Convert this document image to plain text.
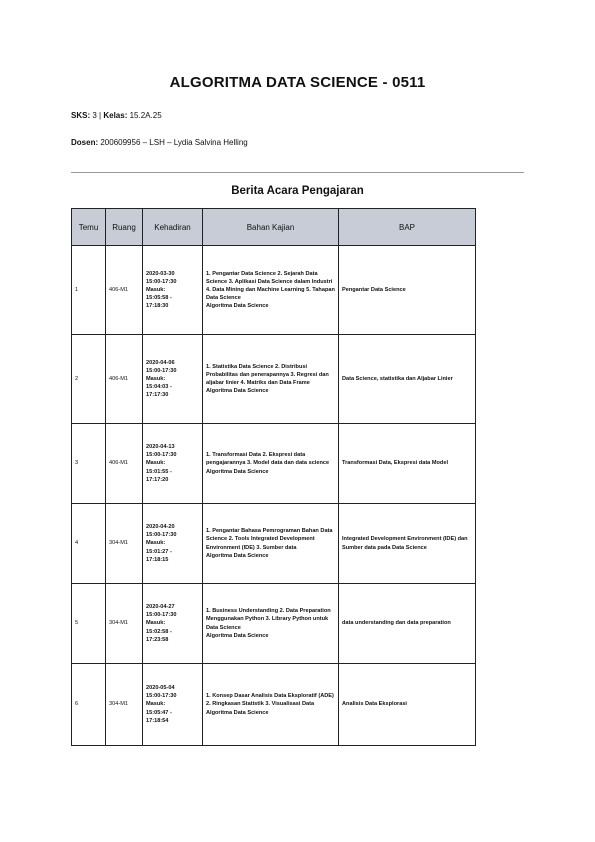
ALGORITMA DATA SCIENCE - 0511
SKS: 3 | Kelas: 15.2A.25
Dosen: 200609956 – LSH – Lydia Salvina Helling
Berita Acara Pengajaran
Temu	Ruang	Kehadiran	Bahan Kajian	BAP
1	406-M1	2020-03-30
15:00-17:30
Masuk:
15:05:58 -
17:18:30	1. Pengantar Data Science 2. Sejarah Data Science 3. Aplikasi Data Science dalam Industri 4. Data Mining dan Machine Learning 5. Tahapan Data Science
Algoritma Data Science	Pengantar Data Science
2	406-M1	2020-04-06
15:00-17:30
Masuk:
15:04:03 -
17:17:30	1. Statistika Data Science 2. Distribusi Probabilitas dan penerapannya 3. Regresi dan aljabar linier 4. Matriks dan Data Frame
Algoritma Data Science	Data Science, statistika dan Aljabar Linier
3	406-M1	2020-04-13
15:00-17:30
Masuk:
15:01:55 -
17:17:20	1. Transformasi Data 2. Ekspresi data pengajarannya 3. Model data dan data science
Algoritma Data Science	Transformasi Data, Ekspresi data Model
4	304-M1	2020-04-20
15:00-17:30
Masuk:
15:01:27 -
17:18:15	1. Pengantar Bahasa Pemrograman Bahan Data Science 2. Tools Integrated Development Environment (IDE) 3. Sumber data
Algoritma Data Science	Integrated Development Environment (IDE) dan Sumber data pada Data Science
5	304-M1	2020-04-27
15:00-17:30
Masuk:
15:02:58 -
17:23:58	1. Business Understanding 2. Data Preparation Menggunakan Python 3. Library Python untuk Data Science
Algoritma Data Science	data understanding dan data preparation
6	304-M1	2020-05-04
15:00-17:30
Masuk:
15:05:47 -
17:18:54	1. Konsep Dasar Analisis Data Eksploratif (ADE) 2. Ringkasan Statistik 3. Visualisasi Data
Algoritma Data Science	Analisis Data Eksplorasi
